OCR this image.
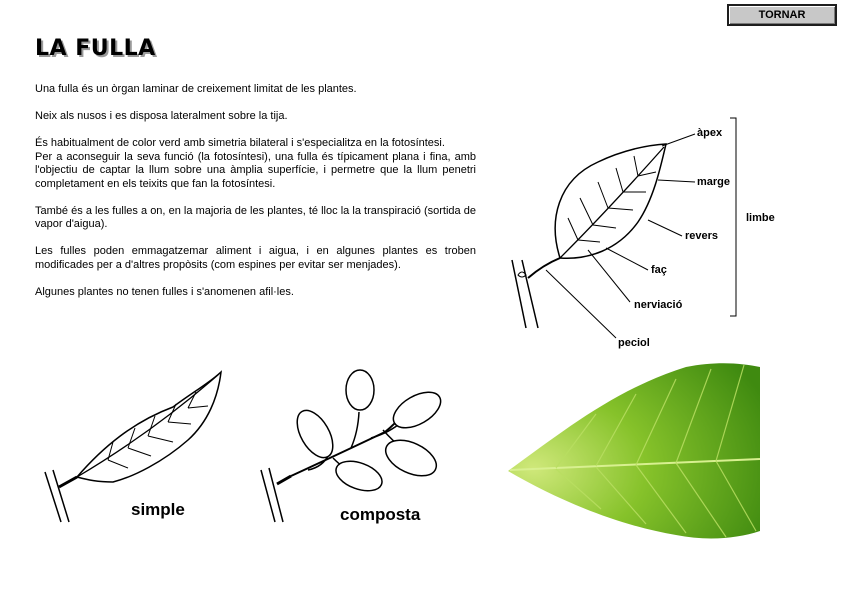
TORNAR
LA FULLA

Una fulla és un òrgan laminar de creixement limitat de les plantes.

Neix als nusos i es disposa lateralment sobre la tija.

És habitualment de color verd amb simetria bilateral i s'especialitza en la fotosíntesi.

Per a aconseguir la seva funció (la fotosíntesi), una fulla és típicament plana i fina, amb l'objectiu de captar la llum sobre una àmplia superfície, i permetre que la llum penetri completament en els teixits que fan la fotosíntesi.

També és a les fulles a on, en la majoria de les plantes, té lloc la la transpiració (sortida de vapor d'aigua).

Les fulles poden emmagatzemar aliment i aigua, i en algunes plantes es troben modificades per a d'altres propòsits (com espines per evitar ser menjades).

Algunes plantes no tenen fulles i s'anomenen afil·les.

àpex
marge
revers
faç
nerviació
peciol
limbe
simple	composta
